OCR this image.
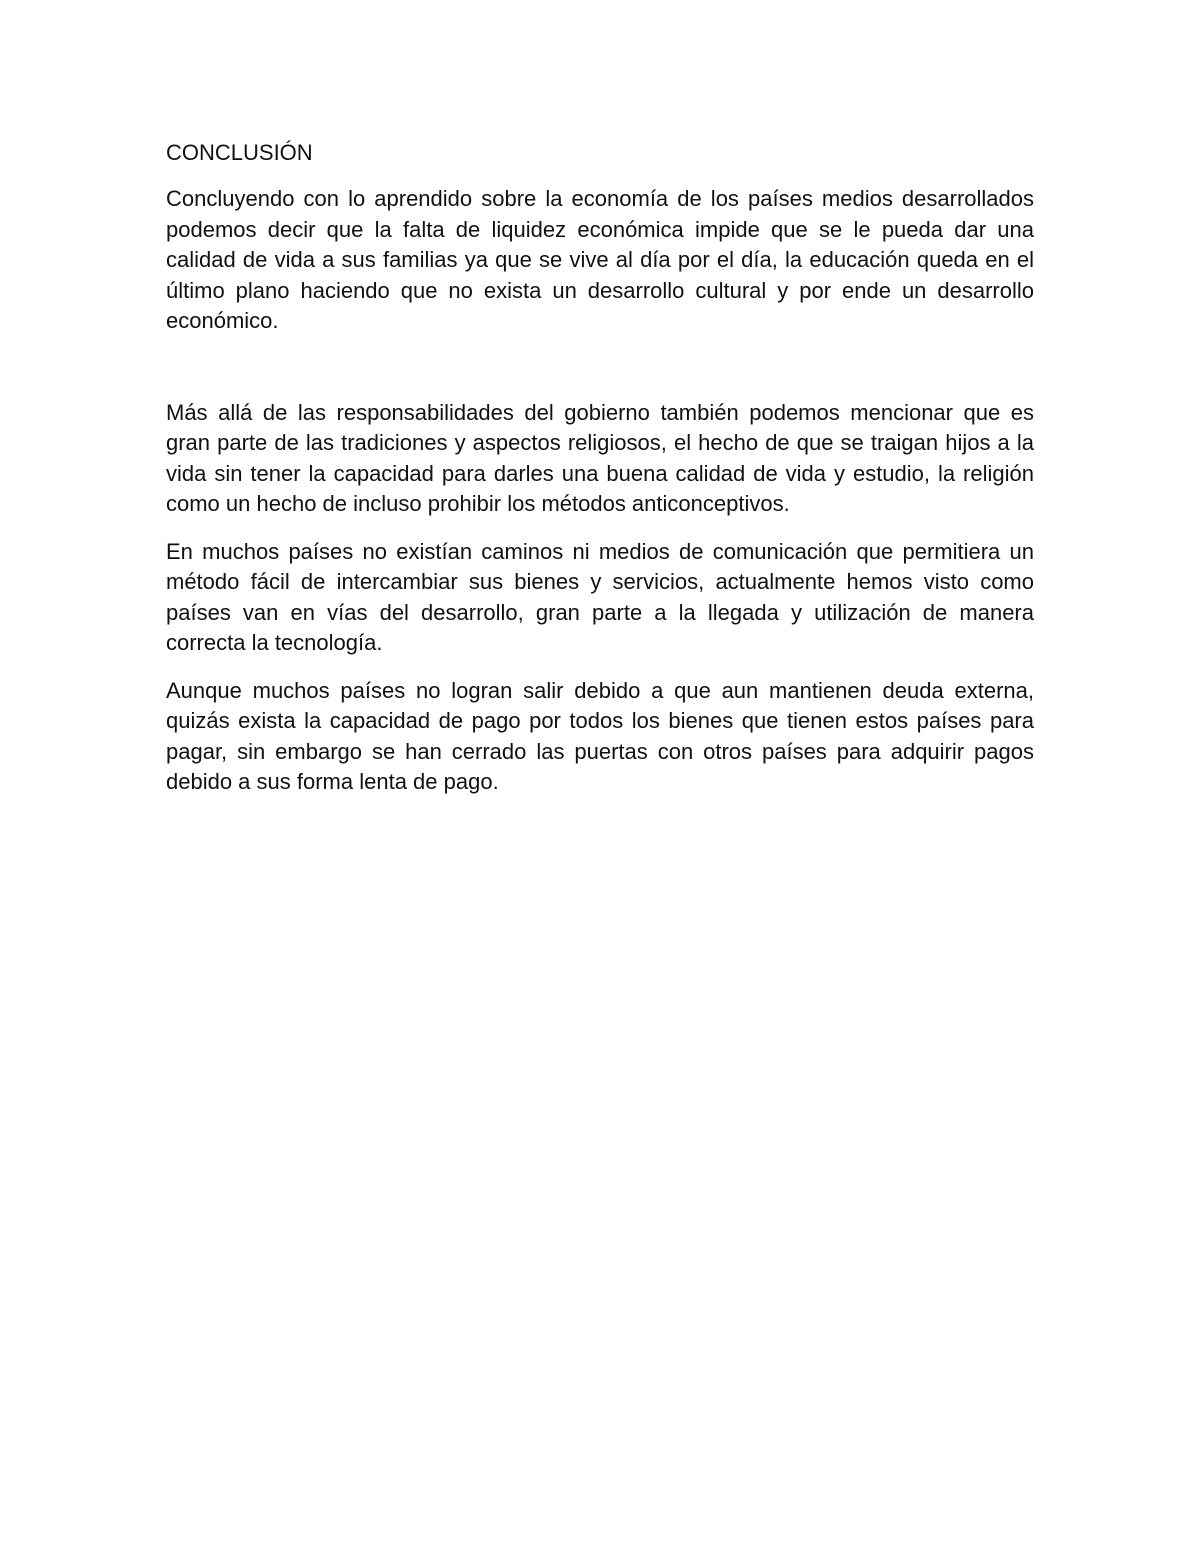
CONCLUSIÓN

Concluyendo con lo aprendido sobre la economía de los países medios desarrollados podemos decir que la falta de liquidez económica impide que se le pueda dar una calidad de vida a sus familias ya que se vive al día por el día, la educación queda en el último plano haciendo que no exista un desarrollo cultural y por ende un desarrollo económico.

Más allá de las responsabilidades del gobierno también podemos mencionar que es gran parte de las tradiciones y aspectos religiosos, el hecho de que se traigan hijos a la vida sin tener la capacidad para darles una buena calidad de vida y estudio, la religión como un hecho de incluso prohibir los métodos anticonceptivos.

En muchos países no existían caminos ni medios de comunicación que permitiera un método fácil de intercambiar sus bienes y servicios, actualmente hemos visto como países van en vías del desarrollo, gran parte a la llegada y utilización de manera correcta la tecnología.

Aunque muchos países no logran salir debido a que aun mantienen deuda externa, quizás exista la capacidad de pago por todos los bienes que tienen estos países para pagar, sin embargo se han cerrado las puertas con otros países para adquirir pagos debido a sus forma lenta de pago.
